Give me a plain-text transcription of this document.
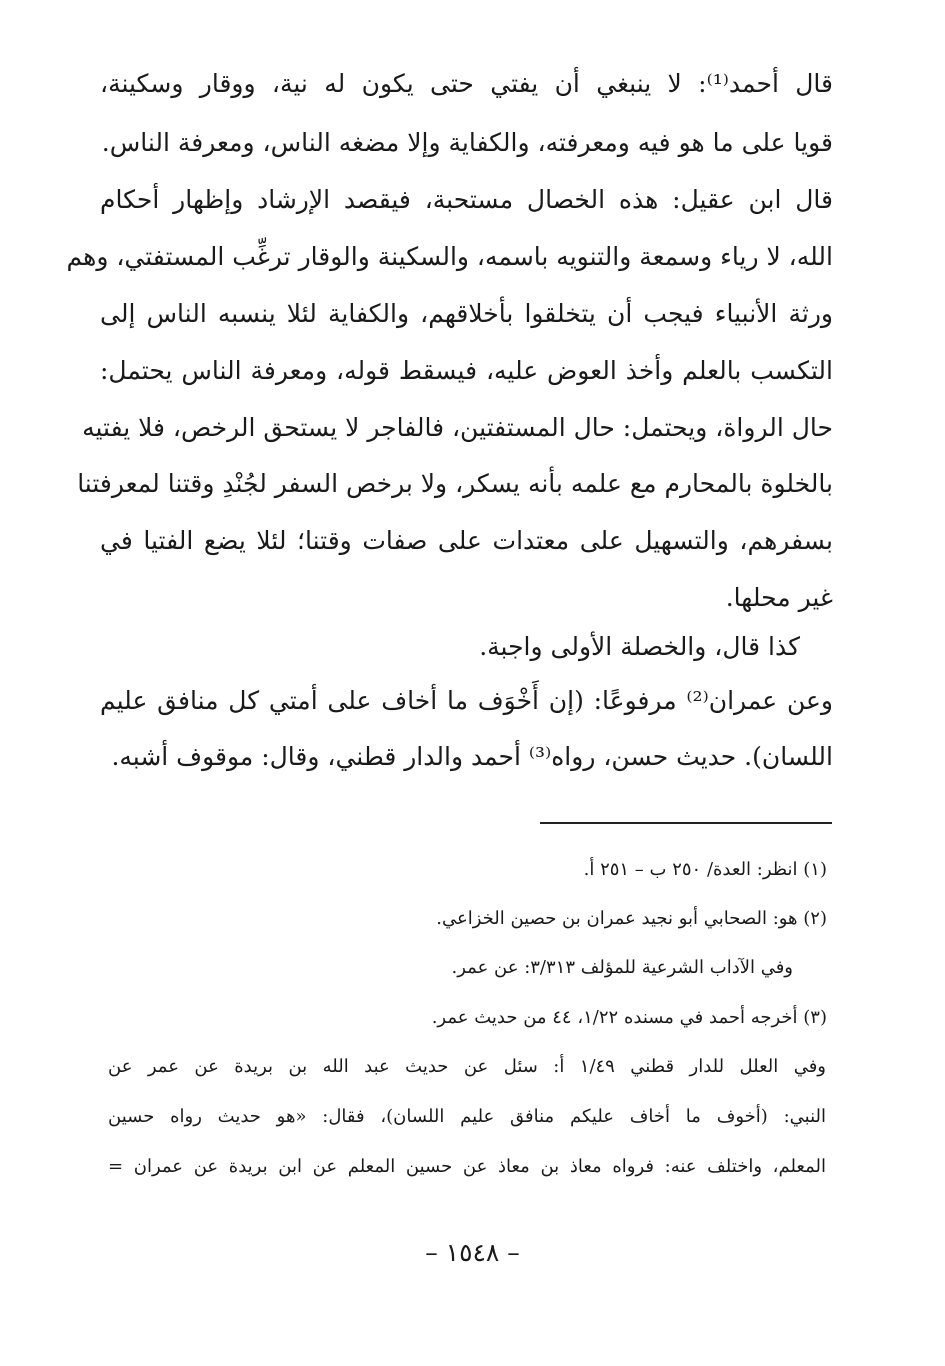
قال أحمد⁽¹⁾: لا ينبغي أن يفتي حتى يكون له نية، ووقار وسكينة،
قويا على ما هو فيه ومعرفته، والكفاية وإلا مضغه الناس، ومعرفة الناس.
قال ابن عقيل: هذه الخصال مستحبة، فيقصد الإرشاد وإظهار أحكام
الله، لا رياء وسمعة والتنويه باسمه، والسكينة والوقار ترغِّب المستفتي، وهم
ورثة الأنبياء فيجب أن يتخلقوا بأخلاقهم، والكفاية لئلا ينسبه الناس إلى
التكسب بالعلم وأخذ العوض عليه، فيسقط قوله، ومعرفة الناس يحتمل:
حال الرواة، ويحتمل: حال المستفتين، فالفاجر لا يستحق الرخص، فلا يفتيه
بالخلوة بالمحارم مع علمه بأنه يسكر، ولا برخص السفر لجُنْدِ وقتنا لمعرفتنا
بسفرهم، والتسهيل على معتدات على صفات وقتنا؛ لئلا يضع الفتيا في
غير محلها.
كذا قال، والخصلة الأولى واجبة.
وعن عمران⁽²⁾ مرفوعًا: (إن أَخْوَف ما أخاف على أمتي كل منافق عليم
اللسان). حديث حسن، رواه⁽³⁾ أحمد والدار قطني، وقال: موقوف أشبه.
(١) انظر: العدة/ ٢٥٠ ب – ٢٥١ أ.
(٢) هو: الصحابي أبو نجيد عمران بن حصين الخزاعي.
وفي الآداب الشرعية للمؤلف ٣/٣١٣: عن عمر.
(٣) أخرجه أحمد في مسنده ١/٢٢، ٤٤ من حديث عمر.
وفي العلل للدار قطني ١/٤٩ أ: سئل عن حديث عبد الله بن بريدة عن عمر عن
النبي: (أخوف ما أخاف عليكم منافق عليم اللسان)، فقال: «هو حديث رواه حسين
المعلم، واختلف عنه: فرواه معاذ بن معاذ عن حسين المعلم عن ابن بريدة عن عمران =
– ١٥٤٨ –
